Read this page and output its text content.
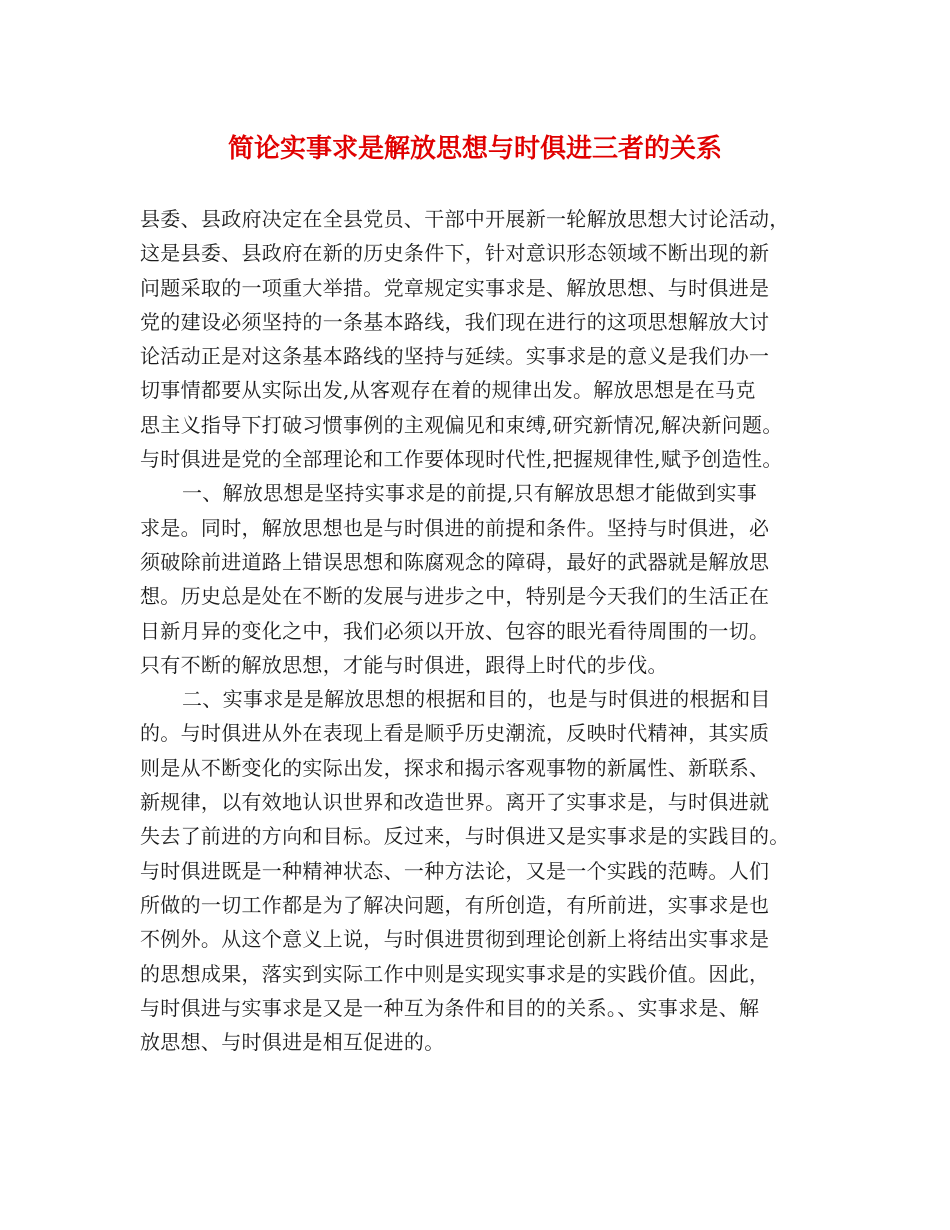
简论实事求是解放思想与时俱进三者的关系
县委、县政府决定在全县党员、干部中开展新一轮解放思想大讨论活动，
这是县委、县政府在新的历史条件下，针对意识形态领域不断出现的新
问题采取的一项重大举措。党章规定实事求是、解放思想、与时俱进是
党的建设必须坚持的一条基本路线，我们现在进行的这项思想解放大讨
论活动正是对这条基本路线的坚持与延续。实事求是的意义是我们办一
切事情都要从实际出发,从客观存在着的规律出发。解放思想是在马克
思主义指导下打破习惯事例的主观偏见和束缚,研究新情况,解决新问题。
与时俱进是党的全部理论和工作要体现时代性,把握规律性,赋予创造性。
一、解放思想是坚持实事求是的前提,只有解放思想才能做到实事
求是。同时，解放思想也是与时俱进的前提和条件。坚持与时俱进，必
须破除前进道路上错误思想和陈腐观念的障碍，最好的武器就是解放思
想。历史总是处在不断的发展与进步之中，特别是今天我们的生活正在
日新月异的变化之中，我们必须以开放、包容的眼光看待周围的一切。
只有不断的解放思想，才能与时俱进，跟得上时代的步伐。
二、实事求是是解放思想的根据和目的，也是与时俱进的根据和目
的。与时俱进从外在表现上看是顺乎历史潮流，反映时代精神，其实质
则是从不断变化的实际出发，探求和揭示客观事物的新属性、新联系、
新规律，以有效地认识世界和改造世界。离开了实事求是，与时俱进就
失去了前进的方向和目标。反过来，与时俱进又是实事求是的实践目的。
与时俱进既是一种精神状态、一种方法论，又是一个实践的范畴。人们
所做的一切工作都是为了解决问题，有所创造，有所前进，实事求是也
不例外。从这个意义上说，与时俱进贯彻到理论创新上将结出实事求是
的思想成果，落实到实际工作中则是实现实事求是的实践价值。因此，
与时俱进与实事求是又是一种互为条件和目的的关系。、实事求是、解
放思想、与时俱进是相互促进的。
